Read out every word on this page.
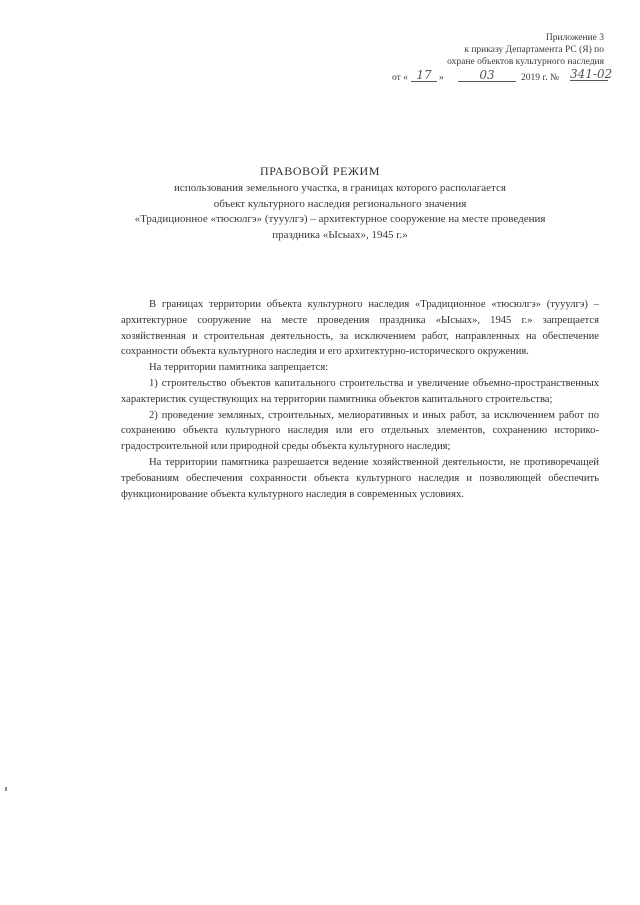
Приложение 3
к приказу Департамента РС (Я) по
охране объектов культурного наследия
от « 17 »	03	2019 г. № 341-02
ПРАВОВОЙ РЕЖИМ
использования земельного участка, в границах которого располагается
объект культурного наследия регионального значения
«Традиционное «тюсюлгэ» (тууулгэ) – архитектурное сооружение на месте проведения
праздника «Ысыах», 1945 г.»

В границах территории объекта культурного наследия «Традиционное «тюсюлгэ» (тууулгэ) – архитектурное сооружение на месте проведения праздника «Ысыах», 1945 г.» запрещается хозяйственная и строительная деятельность, за исключением работ, направленных на обеспечение сохранности объекта культурного наследия и его архитектурно-исторического окружения.

На территории памятника запрещается:

1) строительство объектов капитального строительства и увеличение объемно-пространственных характеристик существующих на территории памятника объектов капитального строительства;

2) проведение земляных, строительных, мелиоративных и иных работ, за исключением работ по сохранению объекта культурного наследия или его отдельных элементов, сохранению историко-градостроительной или природной среды объекта культурного наследия;

На территории памятника разрешается ведение хозяйственной деятельности, не противоречащей требованиям обеспечения сохранности объекта культурного наследия и позволяющей обеспечить функционирование объекта культурного наследия в современных условиях.
